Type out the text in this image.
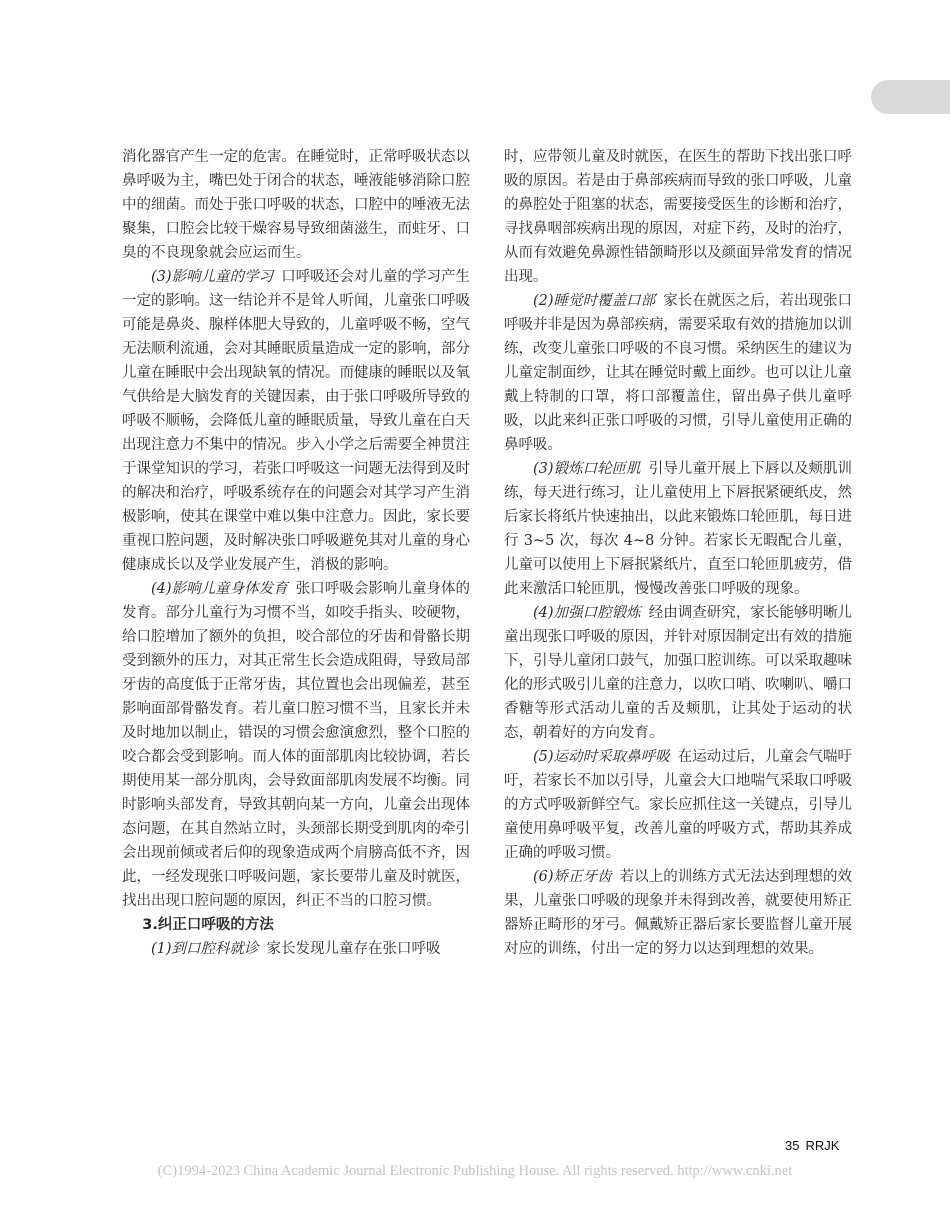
消化器官产生一定的危害。在睡觉时，正常呼吸状态以鼻呼吸为主，嘴巴处于闭合的状态，唾液能够消除口腔中的细菌。而处于张口呼吸的状态，口腔中的唾液无法聚集，口腔会比较干燥容易导致细菌滋生，而蛀牙、口臭的不良现象就会应运而生。

(3)影响儿童的学习 口呼吸还会对儿童的学习产生一定的影响。这一结论并不是耸人听闻，儿童张口呼吸可能是鼻炎、腺样体肥大导致的，儿童呼吸不畅，空气无法顺利流通，会对其睡眠质量造成一定的影响，部分儿童在睡眠中会出现缺氧的情况。而健康的睡眠以及氧气供给是大脑发育的关键因素，由于张口呼吸所导致的呼吸不顺畅，会降低儿童的睡眠质量，导致儿童在白天出现注意力不集中的情况。步入小学之后需要全神贯注于课堂知识的学习，若张口呼吸这一问题无法得到及时的解决和治疗，呼吸系统存在的问题会对其学习产生消极影响，使其在课堂中难以集中注意力。因此，家长要重视口腔问题，及时解决张口呼吸避免其对儿童的身心健康成长以及学业发展产生，消极的影响。

(4)影响儿童身体发育 张口呼吸会影响儿童身体的发育。部分儿童行为习惯不当，如咬手指头、咬硬物，给口腔增加了额外的负担，咬合部位的牙齿和骨骼长期受到额外的压力，对其正常生长会造成阻碍，导致局部牙齿的高度低于正常牙齿，其位置也会出现偏差，甚至影响面部骨骼发育。若儿童口腔习惯不当，且家长并未及时地加以制止，错误的习惯会愈演愈烈，整个口腔的咬合都会受到影响。而人体的面部肌肉比较协调，若长期使用某一部分肌肉，会导致面部肌肉发展不均衡。同时影响头部发育，导致其朝向某一方向，儿童会出现体态问题，在其自然站立时，头颈部长期受到肌肉的牵引会出现前倾或者后仰的现象造成两个肩膀高低不齐，因此，一经发现张口呼吸问题，家长要带儿童及时就医，找出出现口腔问题的原因，纠正不当的口腔习惯。

3.纠正口呼吸的方法

(1)到口腔科就诊 家长发现儿童存在张口呼吸

时，应带领儿童及时就医，在医生的帮助下找出张口呼吸的原因。若是由于鼻部疾病而导致的张口呼吸，儿童的鼻腔处于阻塞的状态，需要接受医生的诊断和治疗，寻找鼻咽部疾病出现的原因，对症下药，及时的治疗，从而有效避免鼻源性错颌畸形以及颜面异常发育的情况出现。

(2)睡觉时覆盖口部 家长在就医之后，若出现张口呼吸并非是因为鼻部疾病，需要采取有效的措施加以训练，改变儿童张口呼吸的不良习惯。采纳医生的建议为儿童定制面纱，让其在睡觉时戴上面纱。也可以让儿童戴上特制的口罩，将口部覆盖住，留出鼻子供儿童呼吸，以此来纠正张口呼吸的习惯，引导儿童使用正确的鼻呼吸。

(3)锻炼口轮匝肌 引导儿童开展上下唇以及颊肌训练，每天进行练习，让儿童使用上下唇抿紧硬纸皮，然后家长将纸片快速抽出，以此来锻炼口轮匝肌，每日进行 3~5 次，每次 4~8 分钟。若家长无暇配合儿童，儿童可以使用上下唇抿紧纸片，直至口轮匝肌疲劳，借此来激活口轮匝肌，慢慢改善张口呼吸的现象。

(4)加强口腔锻炼 经由调查研究，家长能够明晰儿童出现张口呼吸的原因，并针对原因制定出有效的措施下，引导儿童闭口鼓气，加强口腔训练。可以采取趣味化的形式吸引儿童的注意力，以吹口哨、吹喇叭、嚼口香糖等形式活动儿童的舌及颊肌，让其处于运动的状态，朝着好的方向发育。

(5)运动时采取鼻呼吸 在运动过后，儿童会气喘吁吁，若家长不加以引导，儿童会大口地喘气采取口呼吸的方式呼吸新鲜空气。家长应抓住这一关键点，引导儿童使用鼻呼吸平复，改善儿童的呼吸方式，帮助其养成正确的呼吸习惯。

(6)矫正牙齿 若以上的训练方式无法达到理想的效果，儿童张口呼吸的现象并未得到改善，就要使用矫正器矫正畸形的牙弓。佩戴矫正器后家长要监督儿童开展对应的训练，付出一定的努力以达到理想的效果。

35 RRJK
(C)1994-2023 China Academic Journal Electronic Publishing House. All rights reserved. http://www.cnki.net
